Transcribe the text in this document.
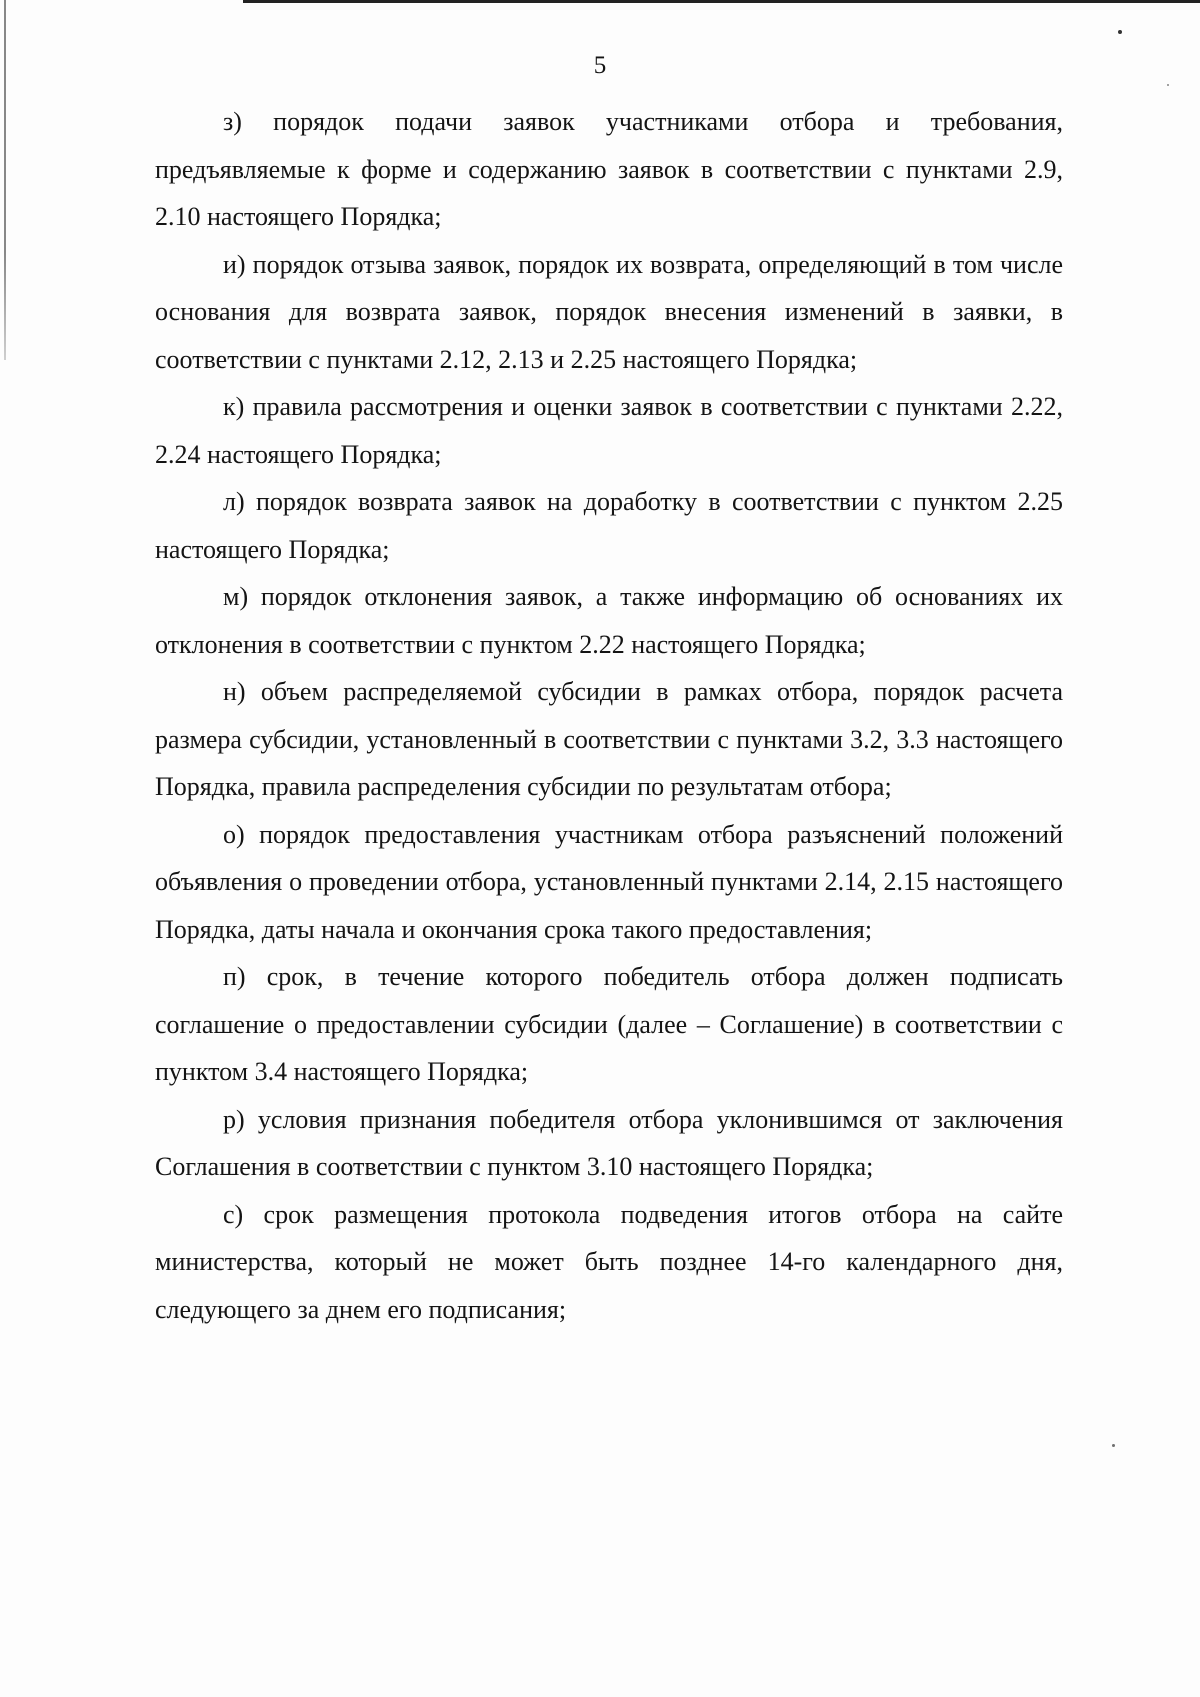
5

з) порядок подачи заявок участниками отбора и требования, предъявляемые к форме и содержанию заявок в соответствии с пунктами 2.9, 2.10 настоящего Порядка;

и) порядок отзыва заявок, порядок их возврата, определяющий в том числе основания для возврата заявок, порядок внесения изменений в заявки, в соответствии с пунктами 2.12, 2.13 и 2.25 настоящего Порядка;

к) правила рассмотрения и оценки заявок в соответствии с пунктами 2.22, 2.24 настоящего Порядка;

л) порядок возврата заявок на доработку в соответствии с пунктом 2.25 настоящего Порядка;

м) порядок отклонения заявок, а также информацию об основаниях их отклонения в соответствии с пунктом 2.22 настоящего Порядка;

н) объем распределяемой субсидии в рамках отбора, порядок расчета размера субсидии, установленный в соответствии с пунктами 3.2, 3.3 настоящего Порядка, правила распределения субсидии по результатам отбора;

о) порядок предоставления участникам отбора разъяснений положений объявления о проведении отбора, установленный пунктами 2.14, 2.15 настоящего Порядка, даты начала и окончания срока такого предоставления;

п) срок, в течение которого победитель отбора должен подписать соглашение о предоставлении субсидии (далее – Соглашение) в соответствии с пунктом 3.4 настоящего Порядка;

р) условия признания победителя отбора уклонившимся от заключения Соглашения в соответствии с пунктом 3.10 настоящего Порядка;

с) срок размещения протокола подведения итогов отбора на сайте министерства, который не может быть позднее 14-го календарного дня, следующего за днем его подписания;
